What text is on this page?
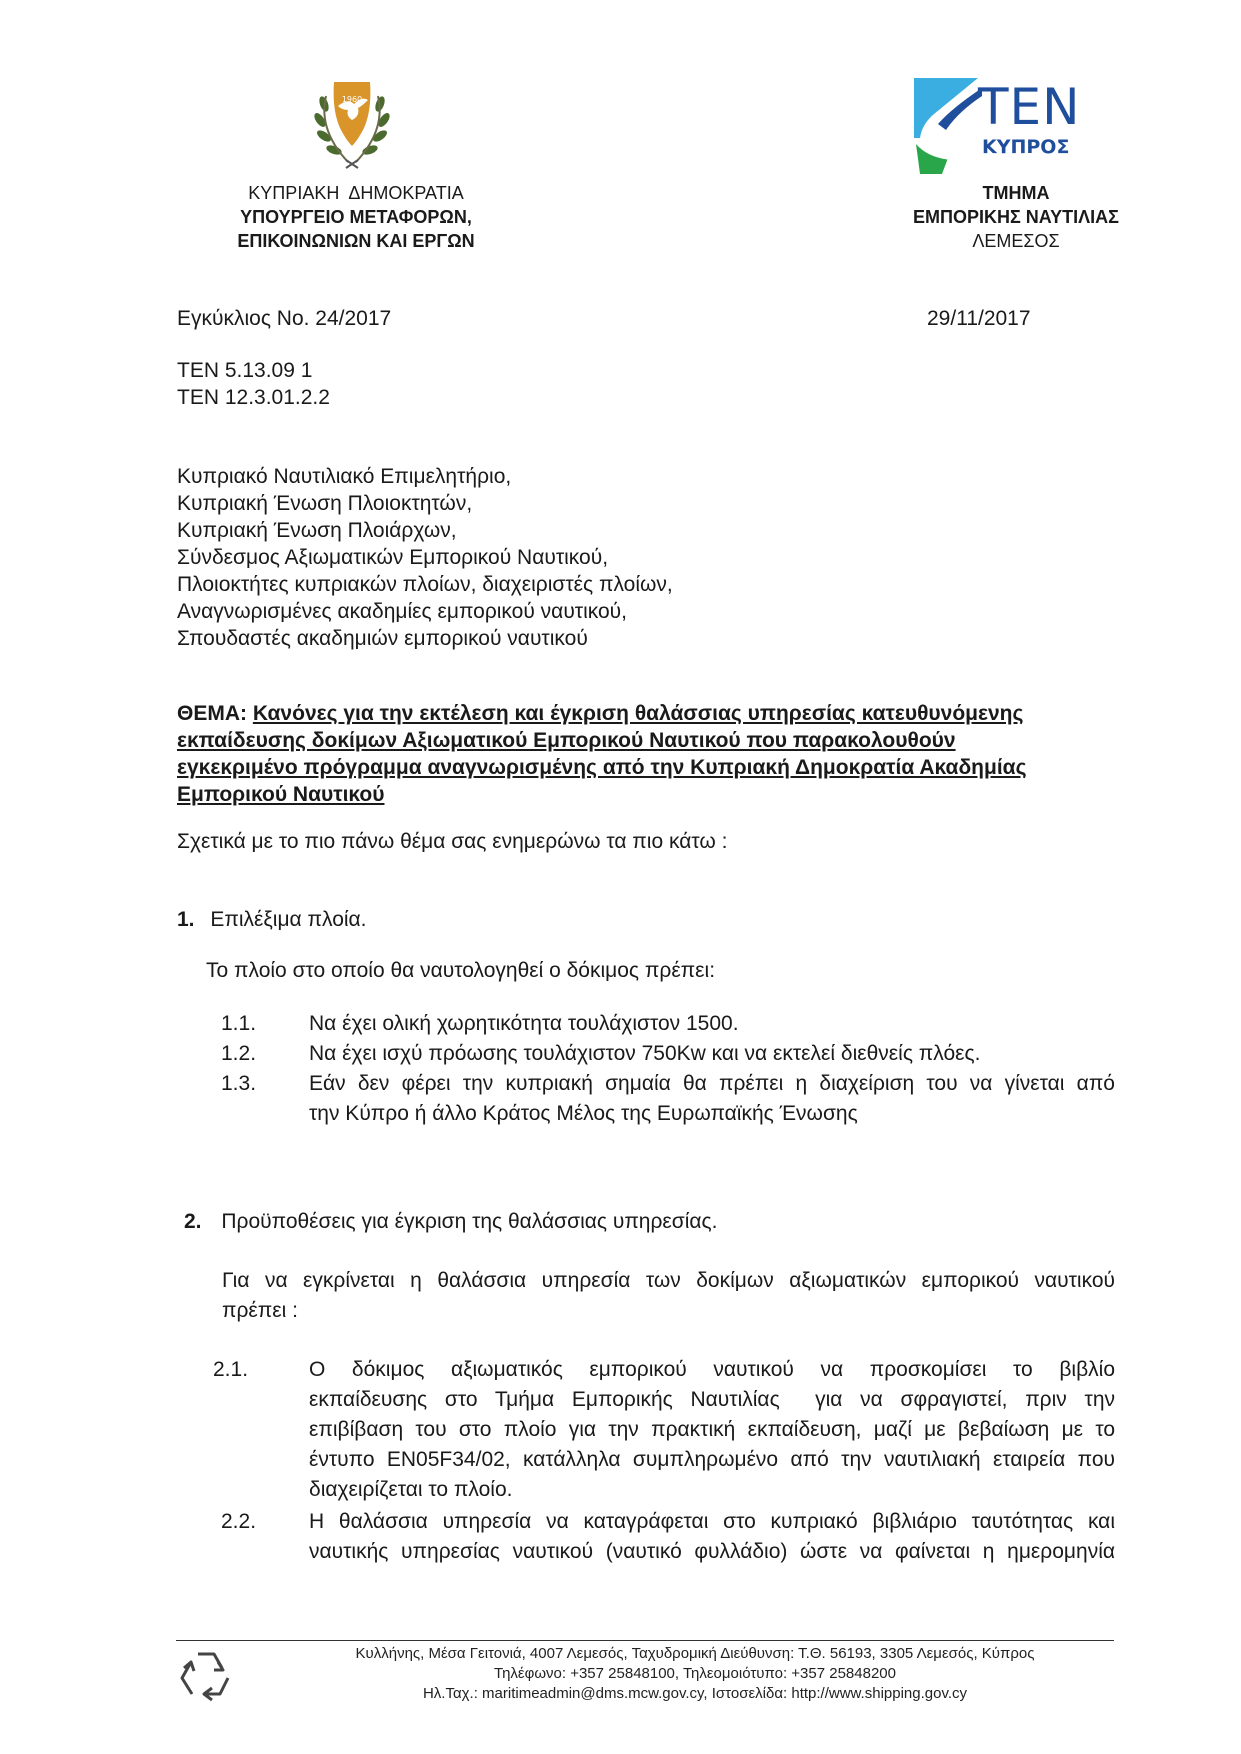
1960	TEN
ΚΥΠΡΟΣ
ΚΥΠΡΙΑΚΗ  ΔΗΜΟΚΡΑΤΙΑ
ΥΠΟΥΡΓΕΙΟ ΜΕΤΑΦΟΡΩΝ,
ΕΠΙΚΟΙΝΩΝΙΩΝ ΚΑΙ ΕΡΓΩΝ
ΤΜΗΜΑ
ΕΜΠΟΡΙΚΗΣ ΝΑΥΤΙΛΙΑΣ
ΛΕΜΕΣΟΣ
Εγκύκλιος No. 24/2017	29/11/2017
ΤΕΝ 5.13.09 1
ΤΕΝ 12.3.01.2.2
Κυπριακό Ναυτιλιακό Επιμελητήριο,
Κυπριακή Ένωση Πλοιοκτητών,
Κυπριακή Ένωση Πλοιάρχων,
Σύνδεσμος Αξιωματικών Εμπορικού Ναυτικού,
Πλοιοκτήτες κυπριακών πλοίων, διαχειριστές πλοίων,
Αναγνωρισμένες ακαδημίες εμπορικού ναυτικού,
Σπουδαστές ακαδημιών εμπορικού ναυτικού
ΘΕΜΑ: Κανόνες για την εκτέλεση και έγκριση θαλάσσιας υπηρεσίας κατευθυνόμενης
εκπαίδευσης δοκίμων Αξιωματικού Εμπορικού Ναυτικού που παρακολουθούν
εγκεκριμένο πρόγραμμα αναγνωρισμένης από την Κυπριακή Δημοκρατία Ακαδημίας
Εμπορικού Ναυτικού
Σχετικά με το πιο πάνω θέμα σας ενημερώνω τα πιο κάτω :
1. Επιλέξιμα πλοία.
Το πλοίο στο οποίο θα ναυτολογηθεί ο δόκιμος πρέπει:
1.1.	Να έχει ολική χωρητικότητα τουλάχιστον 1500.
1.2.	Να έχει ισχύ πρόωσης τουλάχιστον 750Kw και να εκτελεί διεθνείς πλόες.
1.3.	Εάν δεν φέρει την κυπριακή σημαία θα πρέπει η διαχείριση του να γίνεται από
την Κύπρο ή άλλο Κράτος Μέλος της Ευρωπαϊκής Ένωσης
2. Προϋποθέσεις για έγκριση της θαλάσσιας υπηρεσίας.
Για να εγκρίνεται η θαλάσσια υπηρεσία των δοκίμων αξιωματικών εμπορικού ναυτικού
πρέπει :
2.1.	Ο δόκιμος αξιωματικός εμπορικού ναυτικού να προσκομίσει το βιβλίο
εκπαίδευσης στο Τμήμα Εμπορικής Ναυτιλίας  για να σφραγιστεί, πριν την
επιβίβαση του στο πλοίο για την πρακτική εκπαίδευση, μαζί με βεβαίωση με το
έντυπο EN05F34/02, κατάλληλα συμπληρωμένο από την ναυτιλιακή εταιρεία που
διαχειρίζεται το πλοίο.
2.2.	Η θαλάσσια υπηρεσία να καταγράφεται στο κυπριακό βιβλιάριο ταυτότητας και
ναυτικής υπηρεσίας ναυτικού (ναυτικό φυλλάδιο) ώστε να φαίνεται η ημερομηνία
Κυλλήνης, Μέσα Γειτονιά, 4007 Λεμεσός, Ταχυδρομική Διεύθυνση: Τ.Θ. 56193, 3305 Λεμεσός, Κύπρος
Τηλέφωνο: +357 25848100, Τηλεομοιότυπο: +357 25848200
Ηλ.Ταχ.: maritimeadmin@dms.mcw.gov.cy, Ιστοσελίδα: http://www.shipping.gov.cy
